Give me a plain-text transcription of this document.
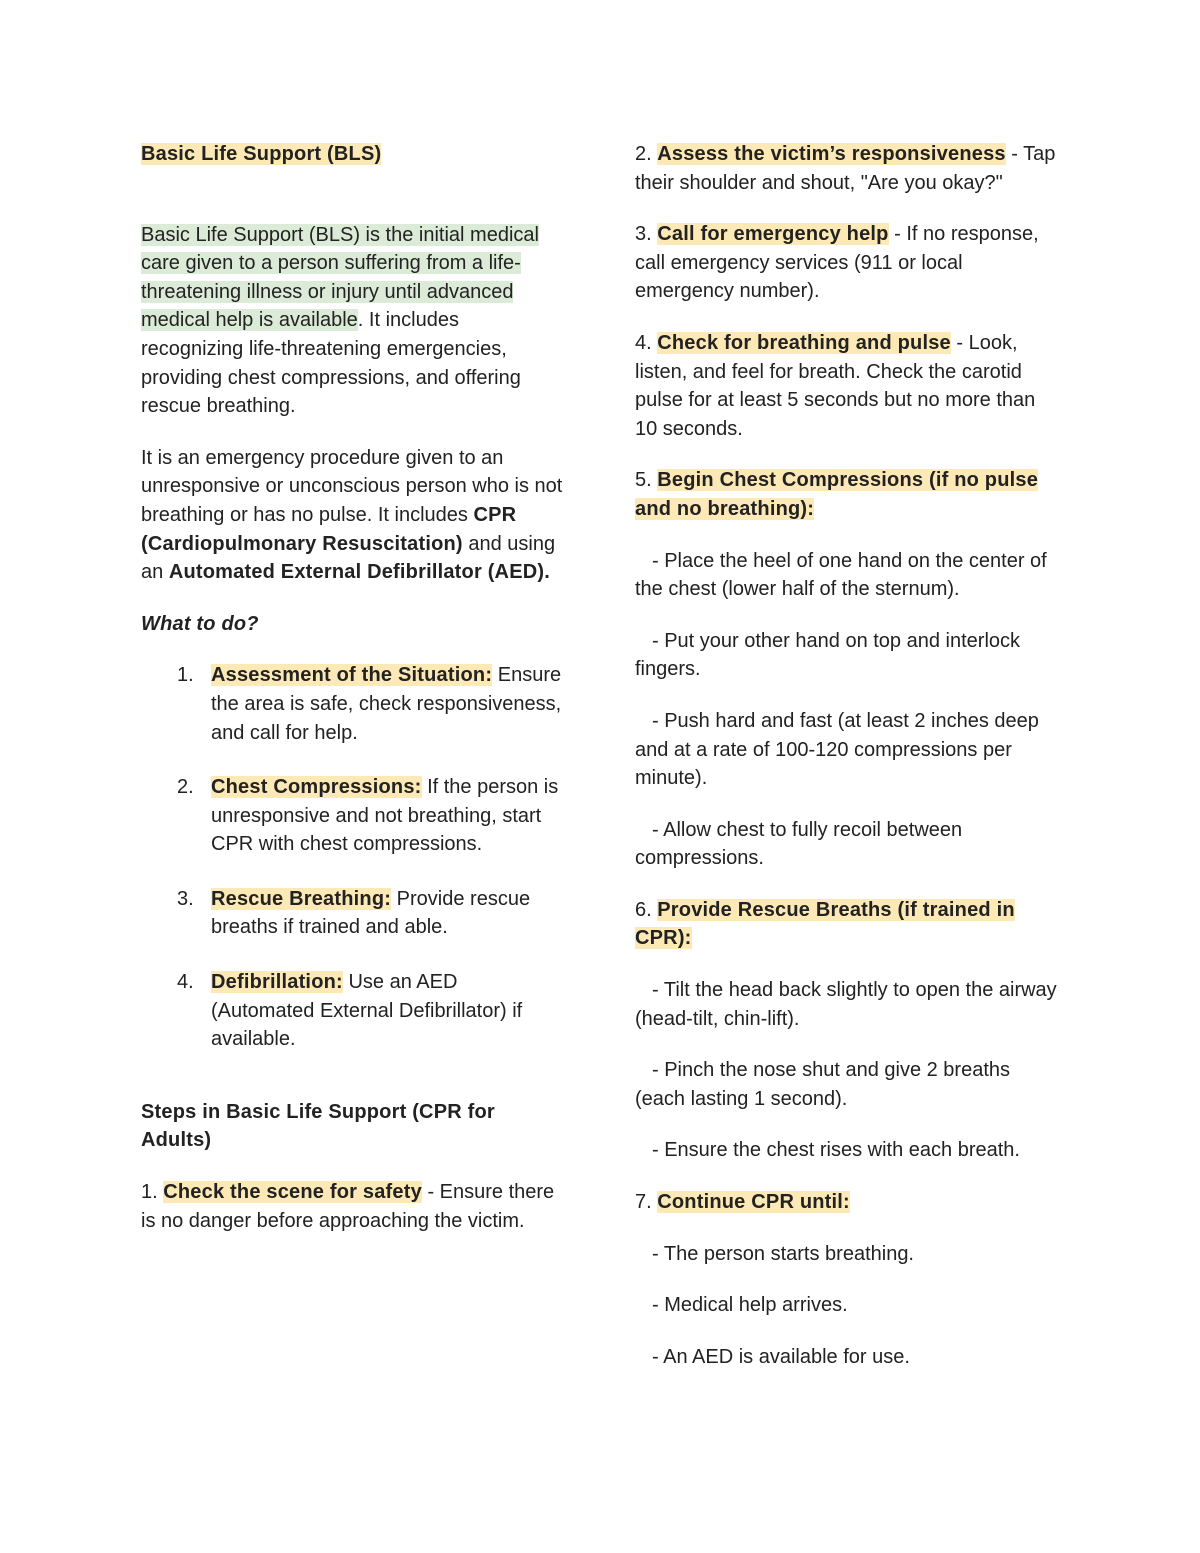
Basic Life Support (BLS)

Basic Life Support (BLS) is the initial medical care given to a person suffering from a life-threatening illness or injury until advanced medical help is available. It includes recognizing life-threatening emergencies, providing chest compressions, and offering rescue breathing.

It is an emergency procedure given to an unresponsive or unconscious person who is not breathing or has no pulse. It includes CPR (Cardiopulmonary Resuscitation) and using an Automated External Defibrillator (AED).

What to do?

1. Assessment of the Situation: Ensure the area is safe, check responsiveness, and call for help.
2. Chest Compressions: If the person is unresponsive and not breathing, start CPR with chest compressions.
3. Rescue Breathing: Provide rescue breaths if trained and able.
4. Defibrillation: Use an AED (Automated External Defibrillator) if available.

Steps in Basic Life Support (CPR for Adults)

1. Check the scene for safety - Ensure there is no danger before approaching the victim.

2. Assess the victim’s responsiveness - Tap their shoulder and shout, "Are you okay?"

3. Call for emergency help - If no response, call emergency services (911 or local emergency number).

4. Check for breathing and pulse - Look, listen, and feel for breath. Check the carotid pulse for at least 5 seconds but no more than 10 seconds.

5. Begin Chest Compressions (if no pulse and no breathing):

- Place the heel of one hand on the center of the chest (lower half of the sternum).

- Put your other hand on top and interlock fingers.

- Push hard and fast (at least 2 inches deep and at a rate of 100-120 compressions per minute).

- Allow chest to fully recoil between compressions.

6. Provide Rescue Breaths (if trained in CPR):

- Tilt the head back slightly to open the airway (head-tilt, chin-lift).

- Pinch the nose shut and give 2 breaths (each lasting 1 second).

- Ensure the chest rises with each breath.

7. Continue CPR until:

- The person starts breathing.

- Medical help arrives.

- An AED is available for use.
